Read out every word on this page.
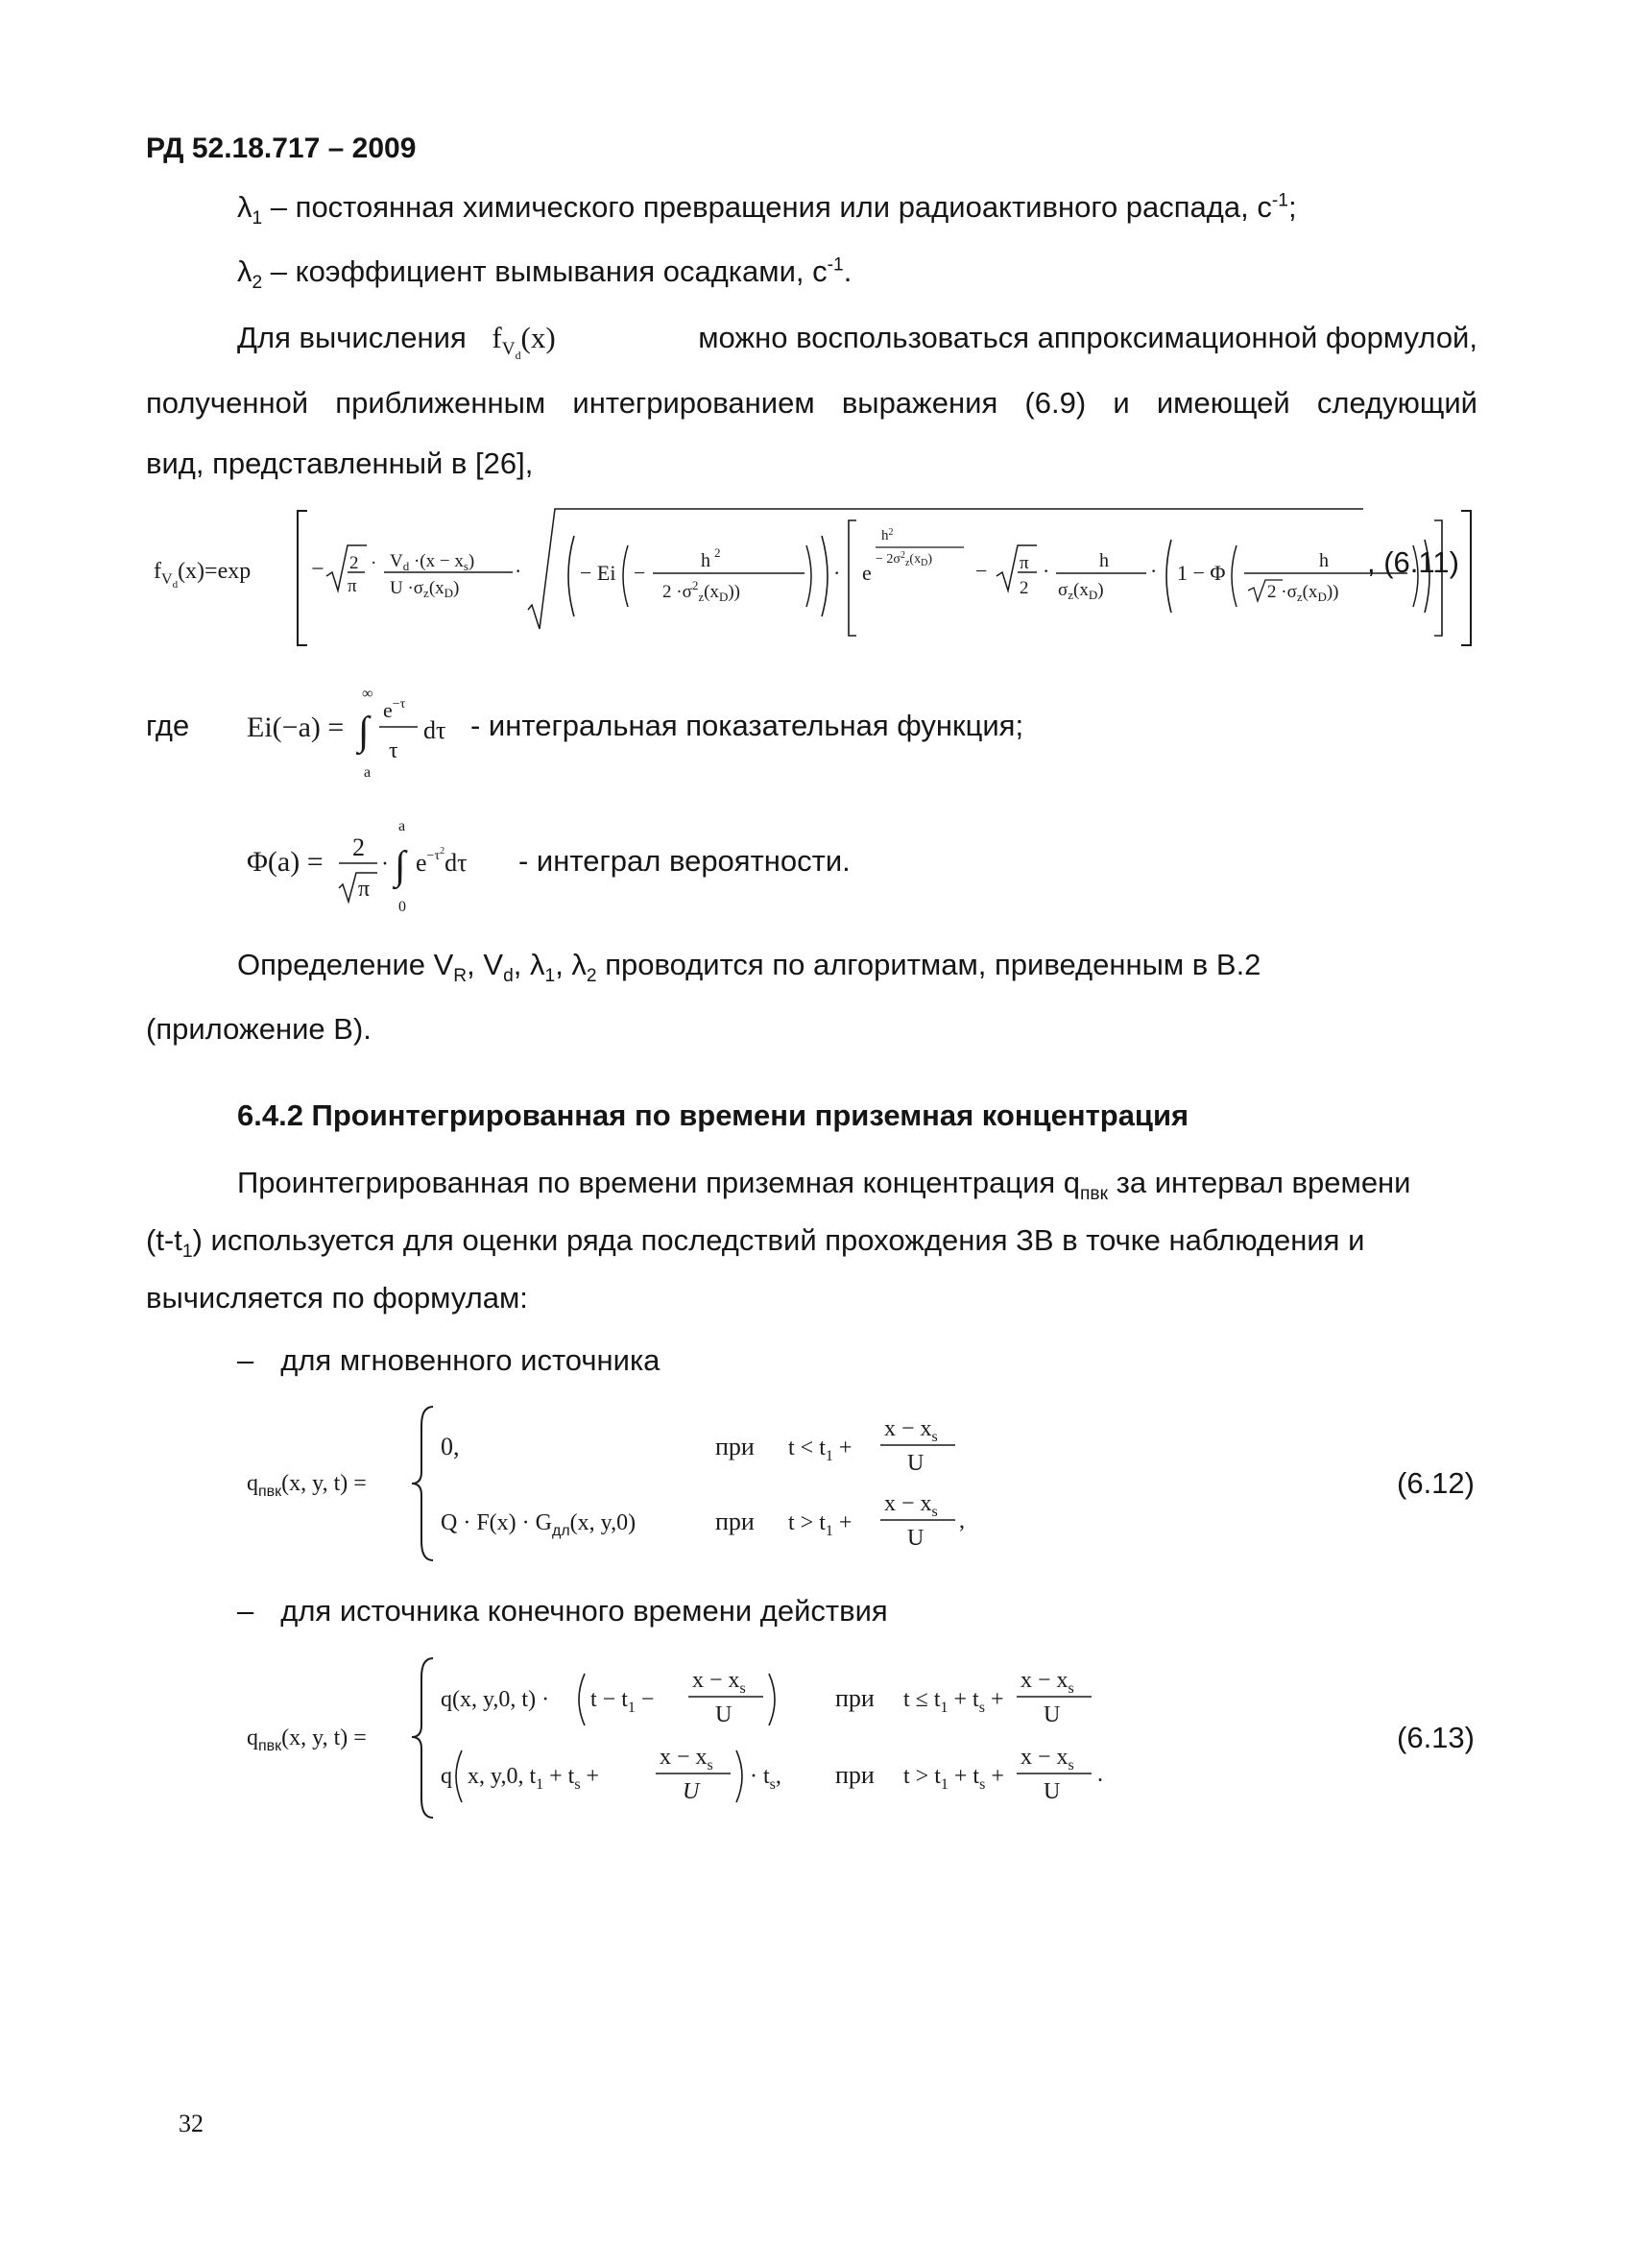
РД 52.18.717 – 2009
$\lambda_1$ – постоянная химического превращения или радиоактивного распада, $с^{-1}$;
$\lambda_2$ – коэффициент вымывания осадками, $с^{-1}$.
Для вычисления $f_{V_d}(x)$	можно воспользоваться аппроксимационной формулой,
полученной приближенным интегрированием выражения (6.9) и имеющей следующий
вид, представленный в [26],
$f_Vd(x)=\exp$	− 2
π
· $V_d \cdot(x - x_s)$
$U \cdot\sigma_z(x_D)$
·	− Ei −	h 2
$2 \cdot\sigma^2_z(x_D)$)
· e
$h^2$
− $2\sigma^2_z(x_D) - \pi$
2
·	h
$\sigma_z(x_D)$
· 1 − Φ	h
$2 \cdot\sigma_z(x_D)$)
, (6.11)
где Ei(−a) =
∞
∫
a
$e^{-\tau}$
τ
dτ - интегральная показательная функция;
Φ(a) = 2
π
·
a
∫
0
$e^{-\tau 2}d\tau$ - интеграл вероятности.
Определение $V_R$, $V_d$, $\lambda_1$, $\lambda_2$ проводится по алгоритмам, приведенным в В.2
(приложение В).
6.4.2 Проинтегрированная по времени приземная концентрация
Проинтегрированная по времени приземная концентрация $q_{пвк}$ за интервал времени
$(t-t_1)$ используется для оценки ряда последствий прохождения ЗВ в точке наблюдения и
вычисляется по формулам:
– для мгновенного источника
$q_{пвк}(x$, y, t) =
0,	при $t < t_1$ +
$x - x_s$
U
$Q \cdot F(x) \cdot G_{дл}(x$, y,0)	при $t > t_1$ +
$x - x_s$
U
,
(6.12)
– для источника конечного времени действия
$q_{пвк}(x$, y, t) =
q(x, y,0, $t) \cdot t - t_1$ −
$x - x_s$
U
при $t \le t_1 + t_s$ +
$x - x_s$
U
q x, y,0, $t_1 + t_s$ +
$x - x_s$
U
· $t_s$, при $t > t_1 + t_s$ +
$x - x_s$
U
.
(6.13)
32
